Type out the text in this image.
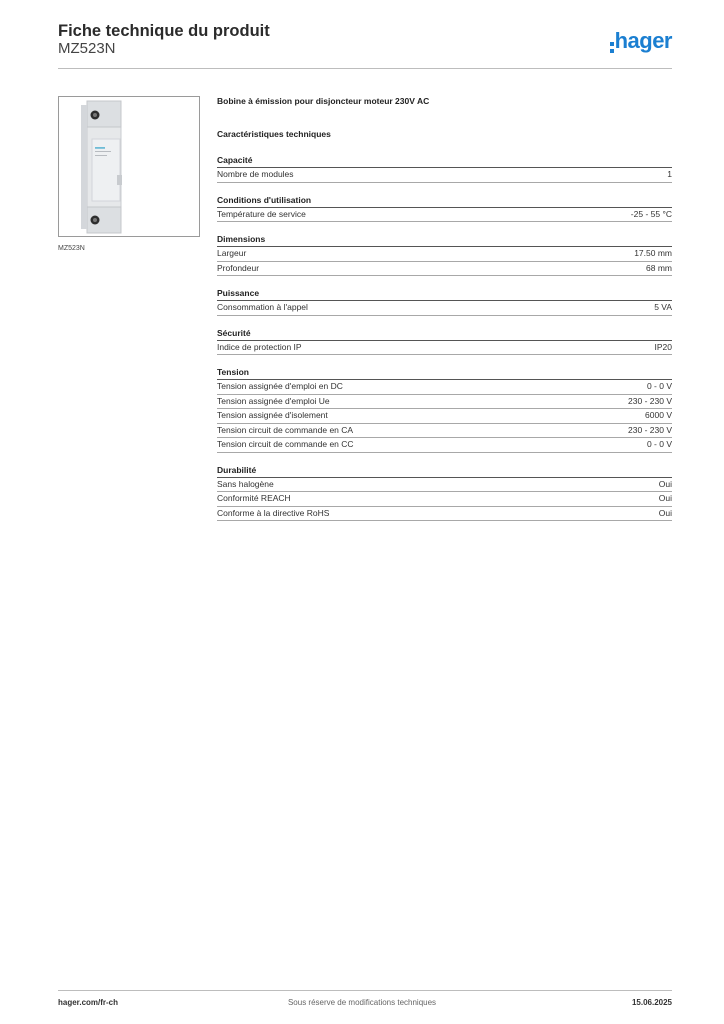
Fiche technique du produit
MZ523N	hager
MZ523N
Bobine à émission pour disjoncteur moteur 230V AC
Caractéristiques techniques
Capacité
Nombre de modules	1
Conditions d'utilisation
Température de service	-25 - 55 °C
Dimensions
Largeur	17.50 mm
Profondeur	68 mm
Puissance
Consommation à l'appel	5 VA
Sécurité
Indice de protection IP	IP20
Tension
Tension assignée d'emploi en DC	0 - 0 V
Tension assignée d'emploi Ue	230 - 230 V
Tension assignée d'isolement	6000 V
Tension circuit de commande en CA	230 - 230 V
Tension circuit de commande en CC	0 - 0 V
Durabilité
Sans halogène	Oui
Conformité REACH	Oui
Conforme à la directive RoHS	Oui
hager.com/fr-ch	Sous réserve de modifications techniques	15.06.2025
